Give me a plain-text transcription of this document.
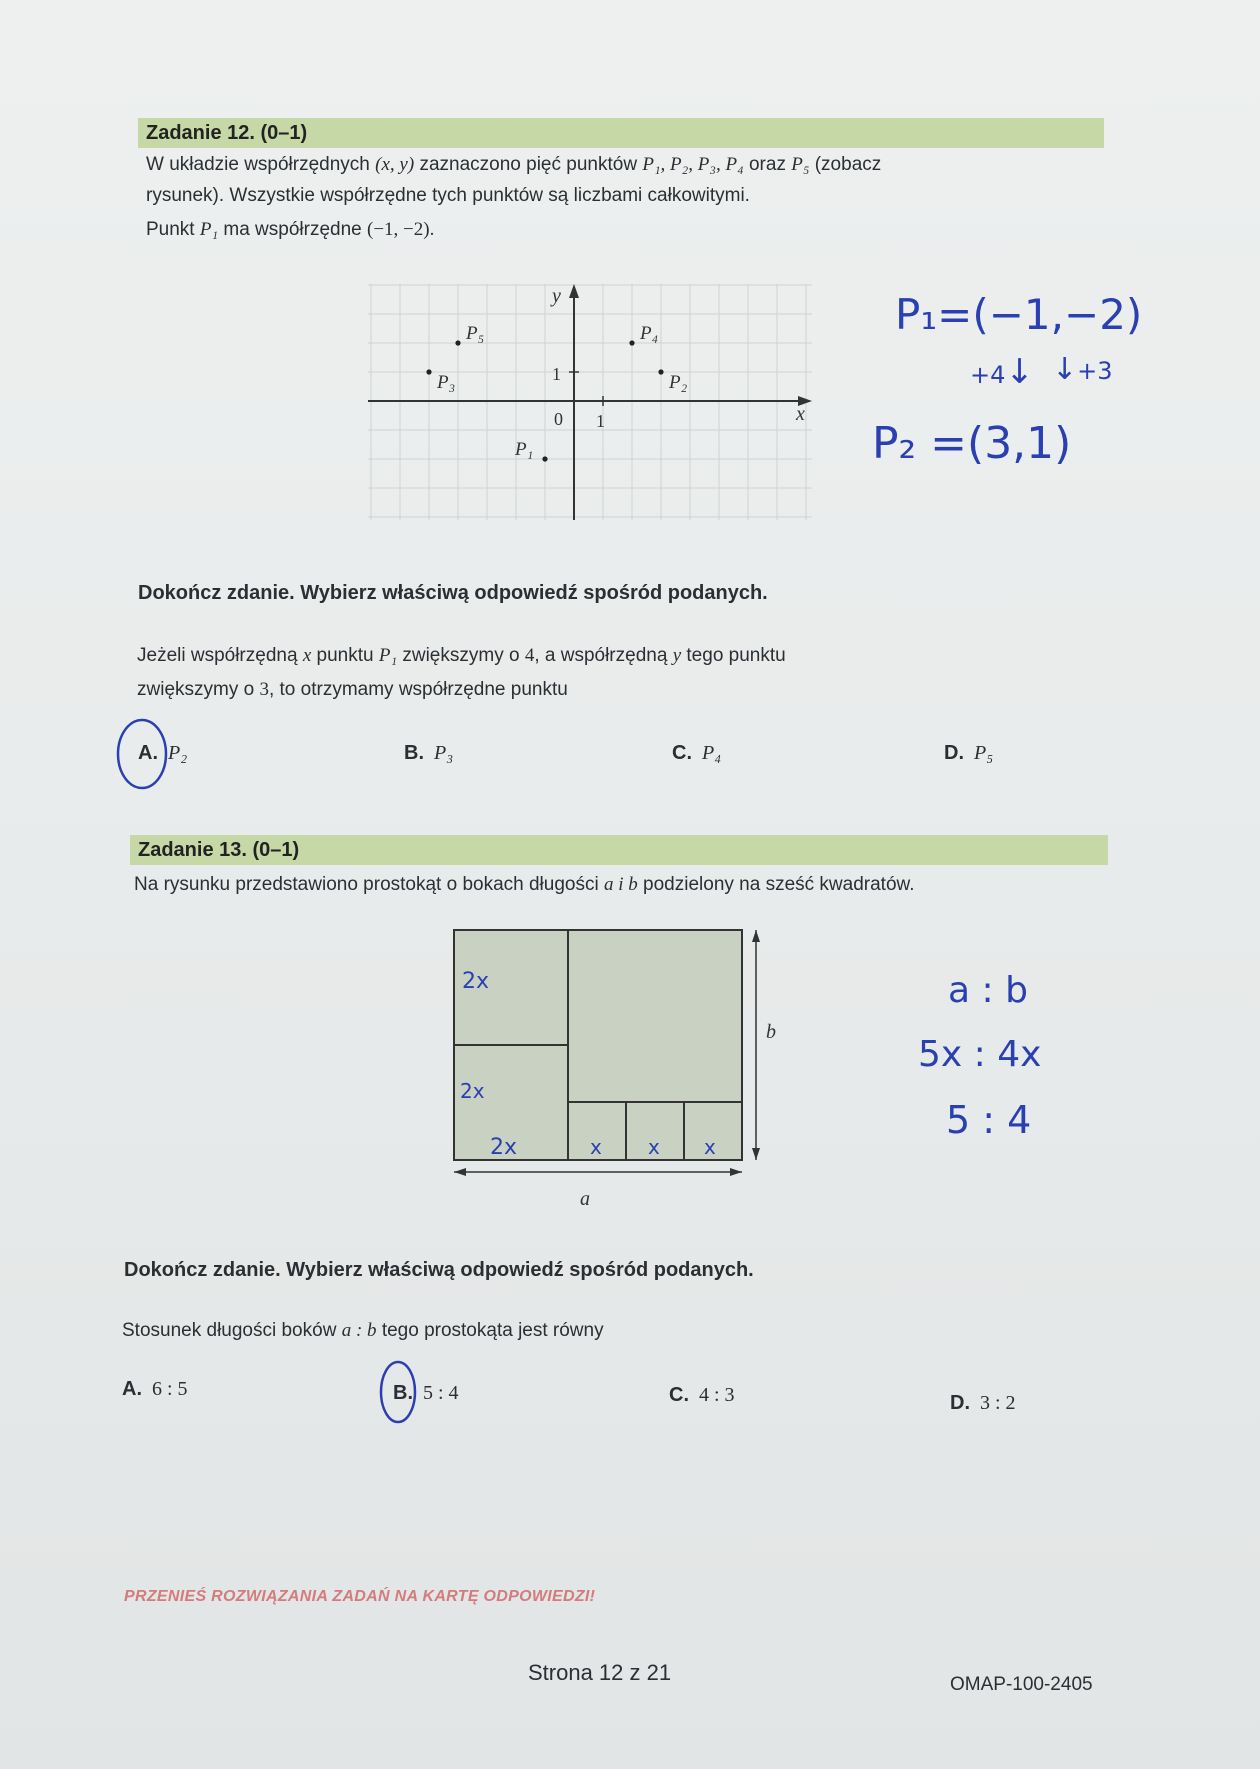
Zadanie 12. (0–1)
W układzie współrzędnych (x, y) zaznaczono pięć punktów P₁, P₂, P₃, P₄ oraz P₅ (zobacz
rysunek). Wszystkie współrzędne tych punktów są liczbami całkowitymi.
Punkt P₁ ma współrzędne (−1, −2).
P₁
P₂
P₃
P₄
P₅
x
y
0 1
1
P₁=(−1,−2)
+4↓ ↓+3
P₂ =(3,1)
Dokończ zdanie. Wybierz właściwą odpowiedź spośród podanych.
Jeżeli współrzędną x punktu P₁ zwiększymy o 4, a współrzędną y tego punktu
zwiększymy o 3, to otrzymamy współrzędne punktu
A. P₂	B. P₃	C. P₄	D. P₅
Zadanie 13. (0–1)
Na rysunku przedstawiono prostokąt o bokach długości a i b podzielony na sześć kwadratów.
a
b
2x
2x
2x	x x x
a : b
5x : 4x
5 : 4
Dokończ zdanie. Wybierz właściwą odpowiedź spośród podanych.
Stosunek długości boków a : b tego prostokąta jest równy
A. 6 : 5	B. 5 : 4	C. 4 : 3	D. 3 : 2
PRZENIEŚ ROZWIĄZANIA ZADAŃ NA KARTĘ ODPOWIEDZI!
Strona 12 z 21	OMAP-100-2405
